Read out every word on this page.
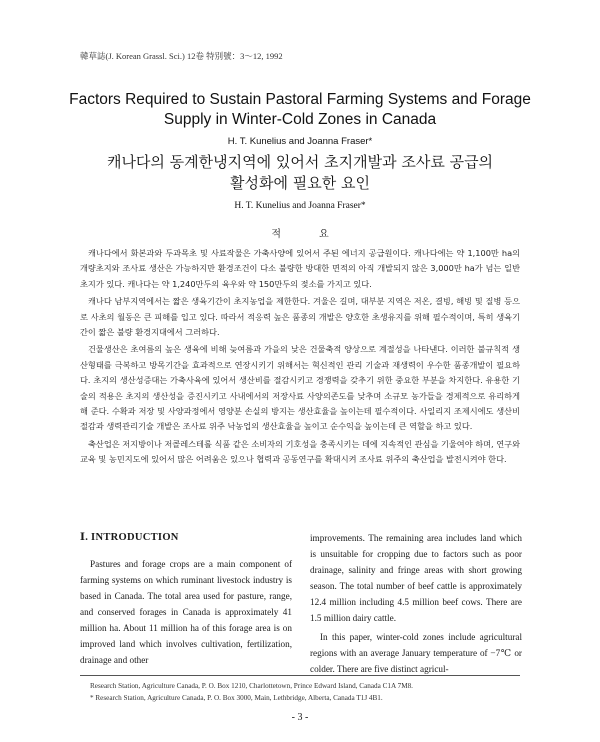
韓草誌(J. Korean Grassl. Sci.) 12卷 特別號：3～12, 1992
Factors Required to Sustain Pastoral Farming Systems and Forage
Supply in Winter-Cold Zones in Canada
H. T. Kunelius and Joanna Fraser*
캐나다의 동계한냉지역에 있어서 초지개발과 조사료 공급의
활성화에 필요한 요인
H. T. Kunelius and Joanna Fraser*
적요

캐나다에서 화본과와 두과목초 및 사료작물은 가축사양에 있어서 주된 에너지 공급원이다. 캐나다에는 약 1,100만 ha의 개량초지와 조사료 생산은 가능하지만 환경조건이 다소 불량한 방대한 면적의 아직 개발되지 않은 3,000만 ha가 넘는 일반초지가 있다. 캐나다는 약 1,240만두의 육우와 약 150만두의 젖소를 가지고 있다.

캐나다 남부지역에서는 짧은 생육기간이 초지농업을 제한한다. 겨울은 길며, 대부분 지역은 저온, 결빙, 해빙 및 질병 등으로 사초의 월동은 큰 피해를 입고 있다. 따라서 적응력 높은 품종의 개발은 양호한 초생유지를 위해 필수적이며, 특히 생육기간이 짧은 불량 환경지대에서 그러하다.

건물생산은 초여름의 높은 생육에 비해 늦여름과 가을의 낮은 건물축적 양상으로 계절성을 나타낸다. 이러한 불규칙적 생산형태를 극복하고 방목기간을 효과적으로 연장시키기 위해서는 혁신적인 관리 기술과 재생력이 우수한 품종개발이 필요하다. 초지의 생산성증대는 가축사육에 있어서 생산비를 절감시키고 경쟁력을 갖추기 위한 중요한 부분을 차지한다. 유용한 기술의 적용은 초지의 생산성을 증진시키고 사내에서의 저장사료 사양의존도를 낮추며 소규모 농가들을 경제적으로 유리하게 해 준다. 수확과 저장 및 사양과정에서 영양분 손실의 방지는 생산효율을 높이는데 필수적이다. 사일리지 조제시에도 생산비 절감과 생력관리기술 개발은 조사료 위주 낙농업의 생산효율을 높이고 순수익을 높이는데 큰 역할을 하고 있다.

축산업은 저지방이나 저콜레스테롤 식품 같은 소비자의 기호성을 충족시키는 데에 지속적인 관심을 기울여야 하며, 연구와 교육 및 농민지도에 있어서 많은 어려움은 있으나 협력과 공동연구를 확대시켜 조사료 위주의 축산업을 발전시켜야 한다.

Ⅰ. INTRODUCTION

Pastures and forage crops are a main component of farming systems on which ruminant livestock industry is based in Canada. The total area used for pasture, range, and conserved forages in Canada is approximately 41 million ha. About 11 million ha of this forage area is on improved land which involves cultivation, fertilization, drainage and other

improvements. The remaining area includes land which is unsuitable for cropping due to factors such as poor drainage, salinity and fringe areas with short growing season. The total number of beef cattle is approximately 12.4 million including 4.5 million beef cows. There are 1.5 million dairy cattle.

In this paper, winter-cold zones include agricultural regions with an average January temperature of −7℃ or colder. There are five distinct agricul-

Research Station, Agriculture Canada, P. O. Box 1210, Charlottetown, Prince Edward Island, Canada C1A 7M8.
* Research Station, Agriculture Canada, P. O. Box 3000, Main, Lethbridge, Alberta, Canada T1J 4B1.
- 3 -
